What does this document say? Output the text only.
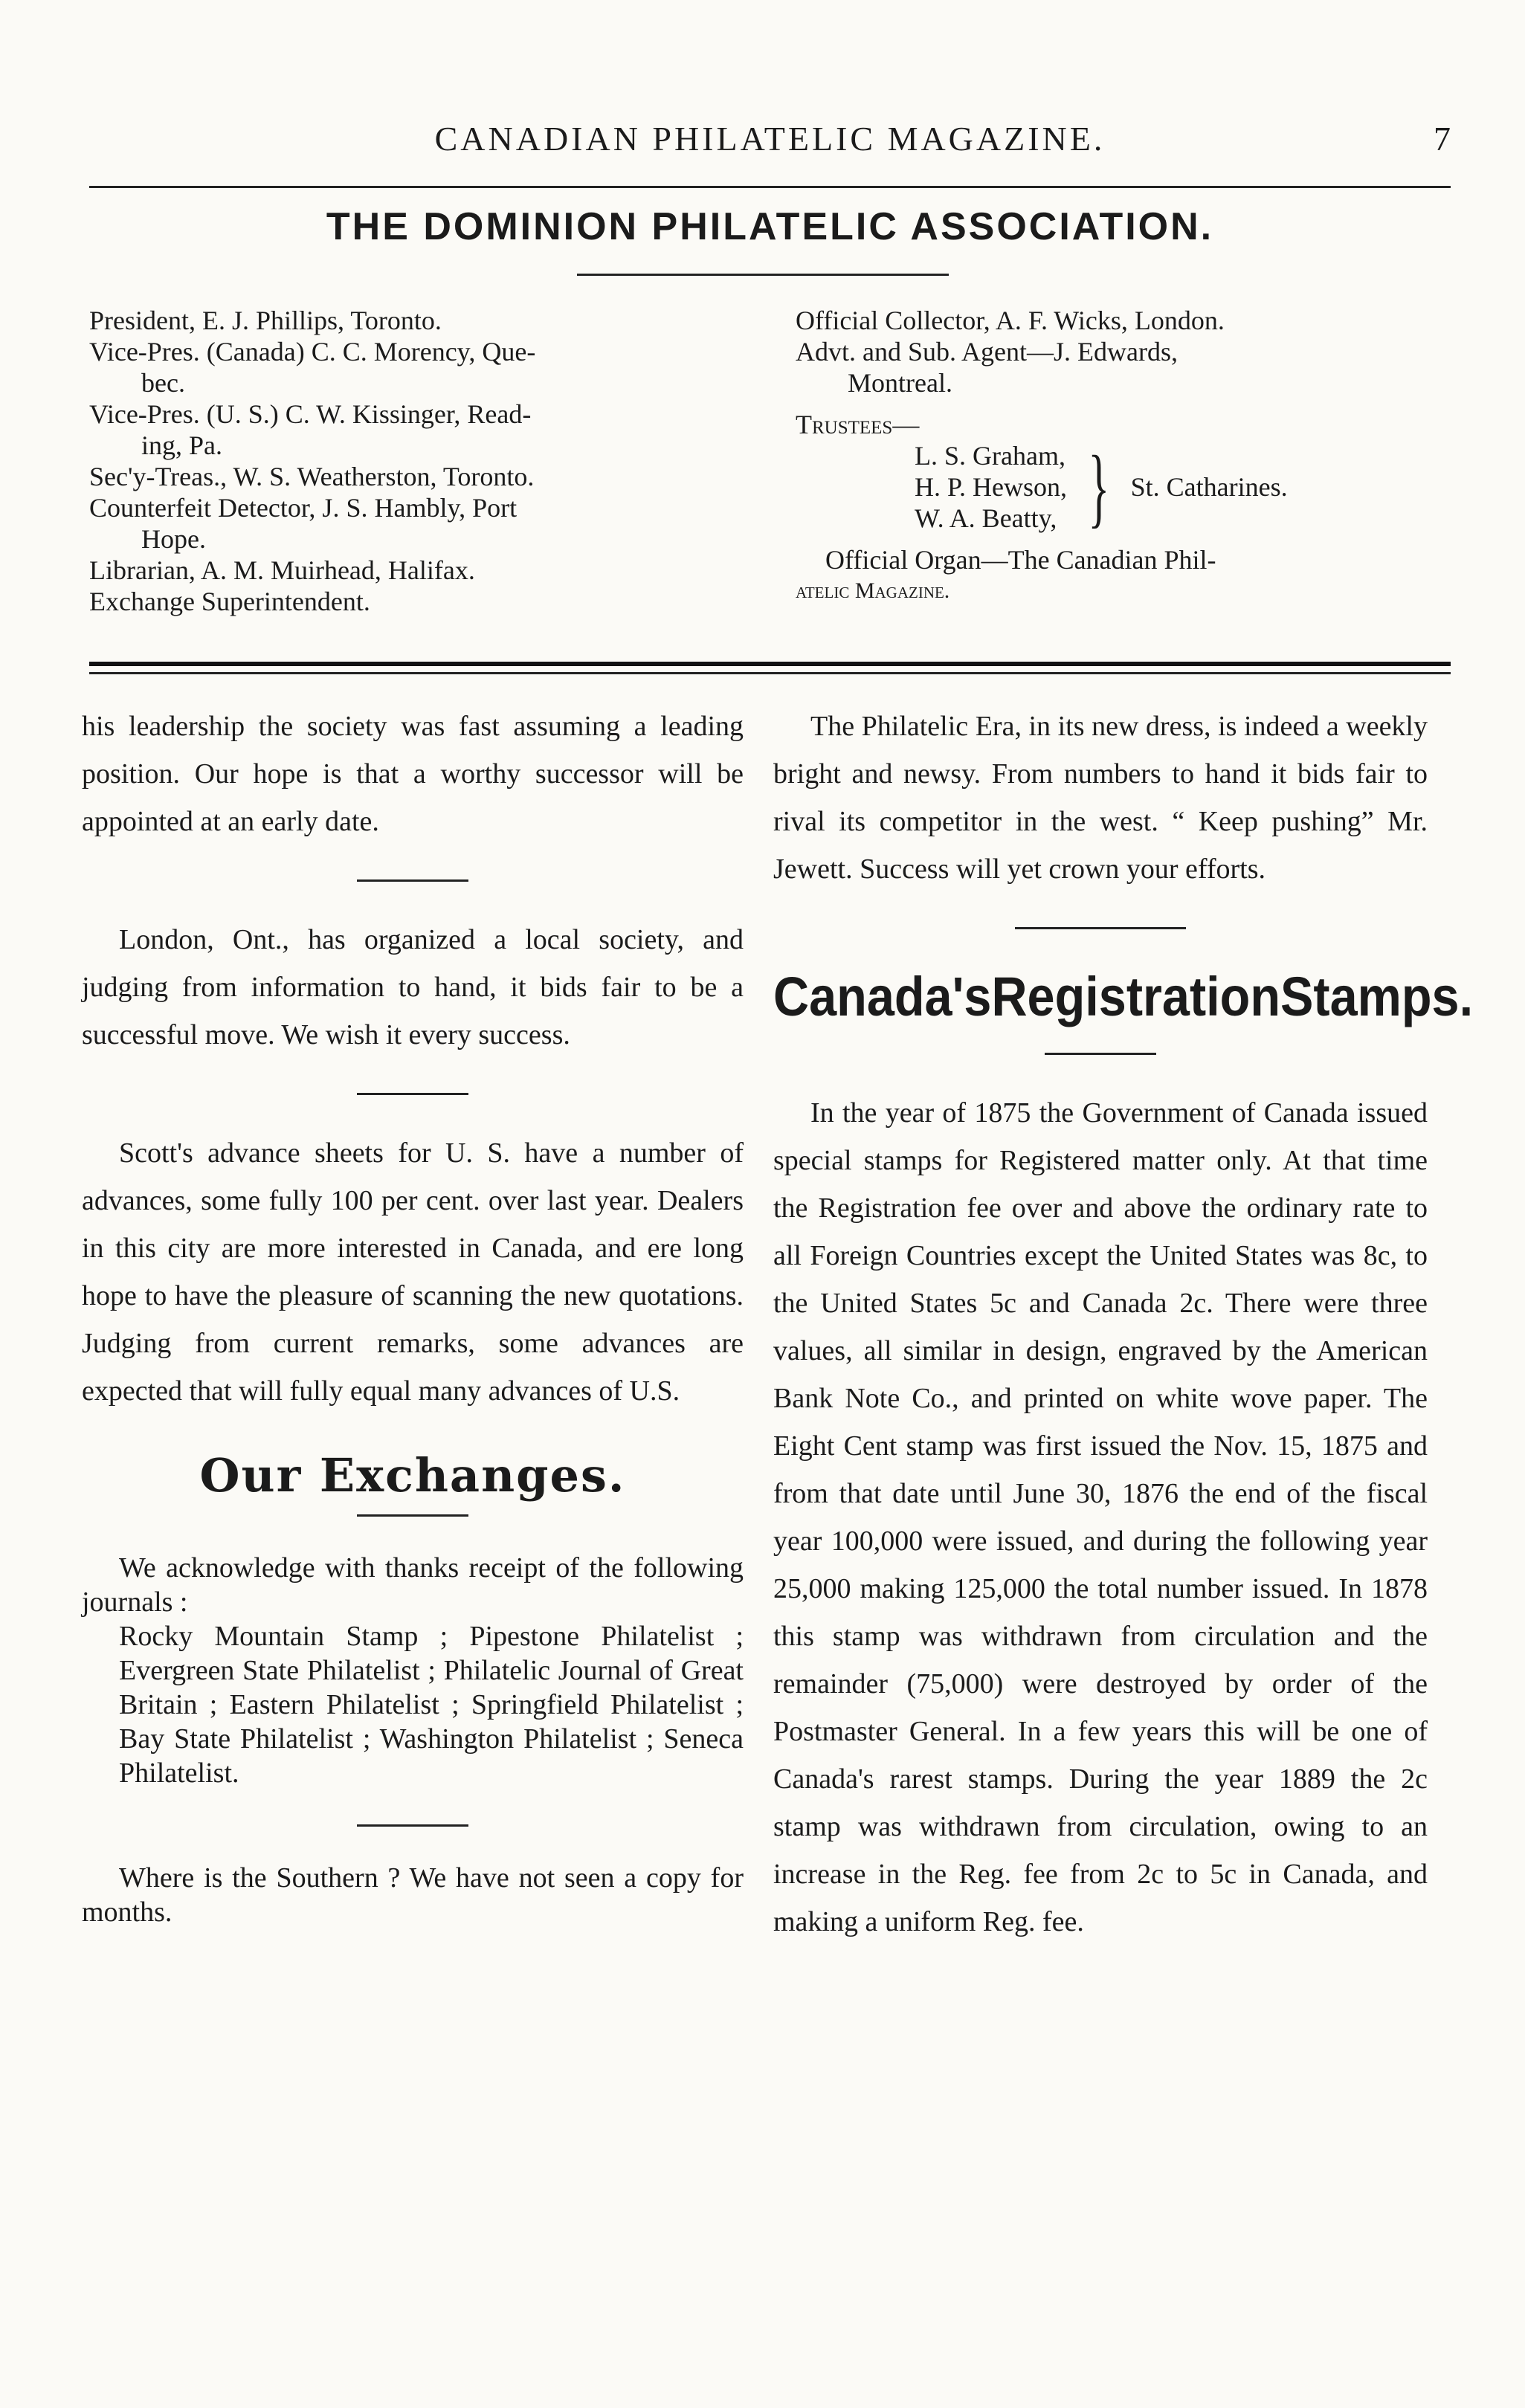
CANADIAN PHILATELIC MAGAZINE.	7
THE DOMINION PHILATELIC ASSOCIATION.

President, E. J. Phillips, Toronto.

Vice-Pres. (Canada) C. C. Morency, Que-

bec.

Vice-Pres. (U. S.) C. W. Kissinger, Read-

ing, Pa.

Sec'y-Treas., W. S. Weatherston, Toronto.

Counterfeit Detector, J. S. Hambly, Port

Hope.

Librarian, A. M. Muirhead, Halifax.

Exchange Superintendent.

Official Collector, A. F. Wicks, London.

Advt. and Sub. Agent—J. Edwards,

Montreal.

Trustees—

L. S. Graham,
H. P. Hewson,
W. A. Beatty, } St. Catharines.

Official Organ—The Canadian Phil-

atelic Magazine.

his leadership the society was fast assuming a leading position. Our hope is that a worthy successor will be appointed at an early date.

London, Ont., has organized a local society, and judging from information to hand, it bids fair to be a successful move. We wish it every success.

Scott's advance sheets for U. S. have a number of advances, some fully 100 per cent. over last year. Dealers in this city are more interested in Canada, and ere long hope to have the pleasure of scanning the new quotations. Judging from current remarks, some advances are expected that will fully equal many advances of U.S.

Our Exchanges.

We acknowledge with thanks receipt of the following journals :

Rocky Mountain Stamp ; Pipestone Philatelist ; Evergreen State Philatelist ; Philatelic Journal of Great Britain ; Eastern Philatelist ; Springfield Philatelist ; Bay State Philatelist ; Washington Philatelist ; Seneca Philatelist.

Where is the Southern ? We have not seen a copy for months.

The Philatelic Era, in its new dress, is indeed a weekly bright and newsy. From numbers to hand it bids fair to rival its competitor in the west. “ Keep pushing” Mr. Jewett. Success will yet crown your efforts.

Canada's Registration Stamps.

In the year of 1875 the Government of Canada issued special stamps for Registered matter only. At that time the Registration fee over and above the ordinary rate to all Foreign Countries except the United States was 8c, to the United States 5c and Canada 2c. There were three values, all similar in design, engraved by the American Bank Note Co., and printed on white wove paper. The Eight Cent stamp was first issued the Nov. 15, 1875 and from that date until June 30, 1876 the end of the fiscal year 100,000 were issued, and during the following year 25,000 making 125,000 the total number issued. In 1878 this stamp was withdrawn from circulation and the remainder (75,000) were destroyed by order of the Postmaster General. In a few years this will be one of Canada's rarest stamps. During the year 1889 the 2c stamp was withdrawn from circulation, owing to an increase in the Reg. fee from 2c to 5c in Canada, and making a uniform Reg. fee.
